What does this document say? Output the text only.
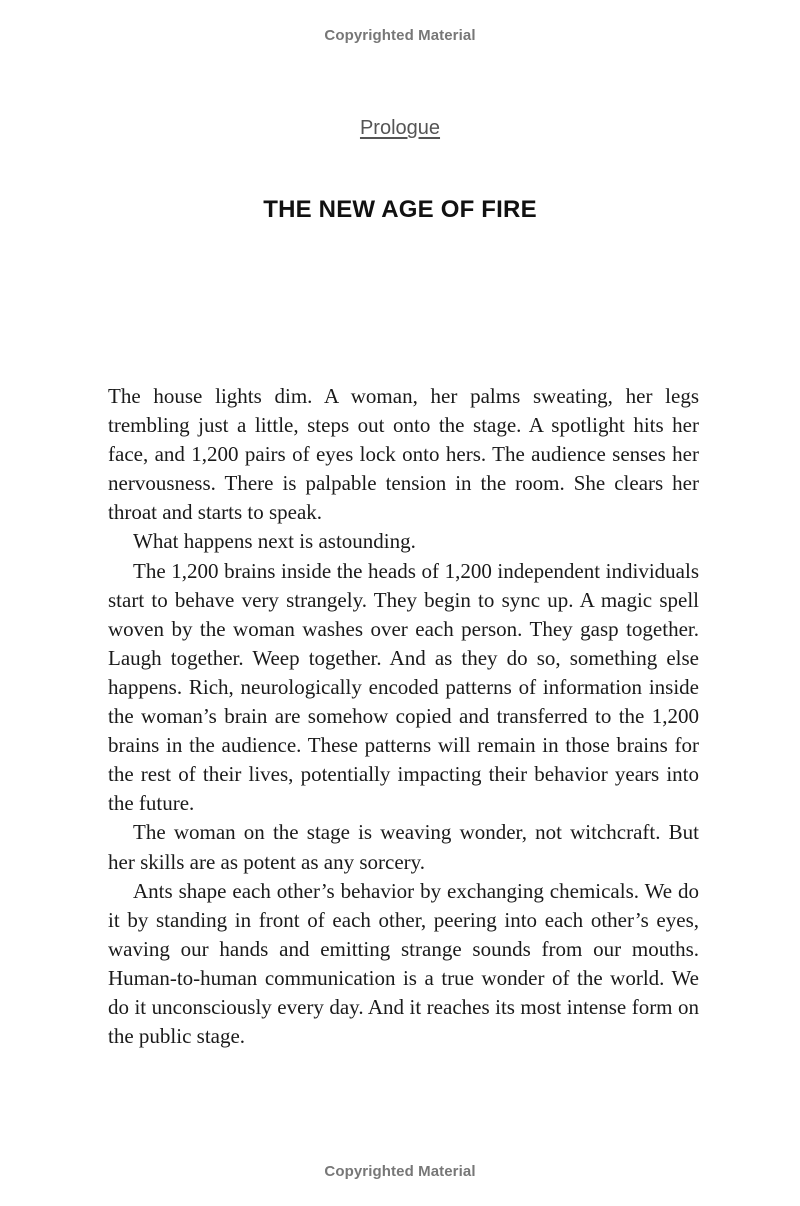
Copyrighted Material
Prologue
THE NEW AGE OF FIRE

The house lights dim. A woman, her palms sweating, her legs trembling just a little, steps out onto the stage. A spotlight hits her face, and 1,200 pairs of eyes lock onto hers. The audience senses her nervousness. There is palpable tension in the room. She clears her throat and starts to speak.

What happens next is astounding.

The 1,200 brains inside the heads of 1,200 independent individuals start to behave very strangely. They begin to sync up. A magic spell woven by the woman washes over each person. They gasp together. Laugh together. Weep together. And as they do so, something else happens. Rich, neurologically encoded patterns of information inside the woman’s brain are somehow copied and transferred to the 1,200 brains in the audience. These patterns will remain in those brains for the rest of their lives, potentially impacting their behavior years into the future.

The woman on the stage is weaving wonder, not witchcraft. But her skills are as potent as any sorcery.

Ants shape each other’s behavior by exchanging chemicals. We do it by standing in front of each other, peering into each other’s eyes, waving our hands and emitting strange sounds from our mouths. Human-to-human communication is a true wonder of the world. We do it unconsciously every day. And it reaches its most intense form on the public stage.

Copyrighted Material
